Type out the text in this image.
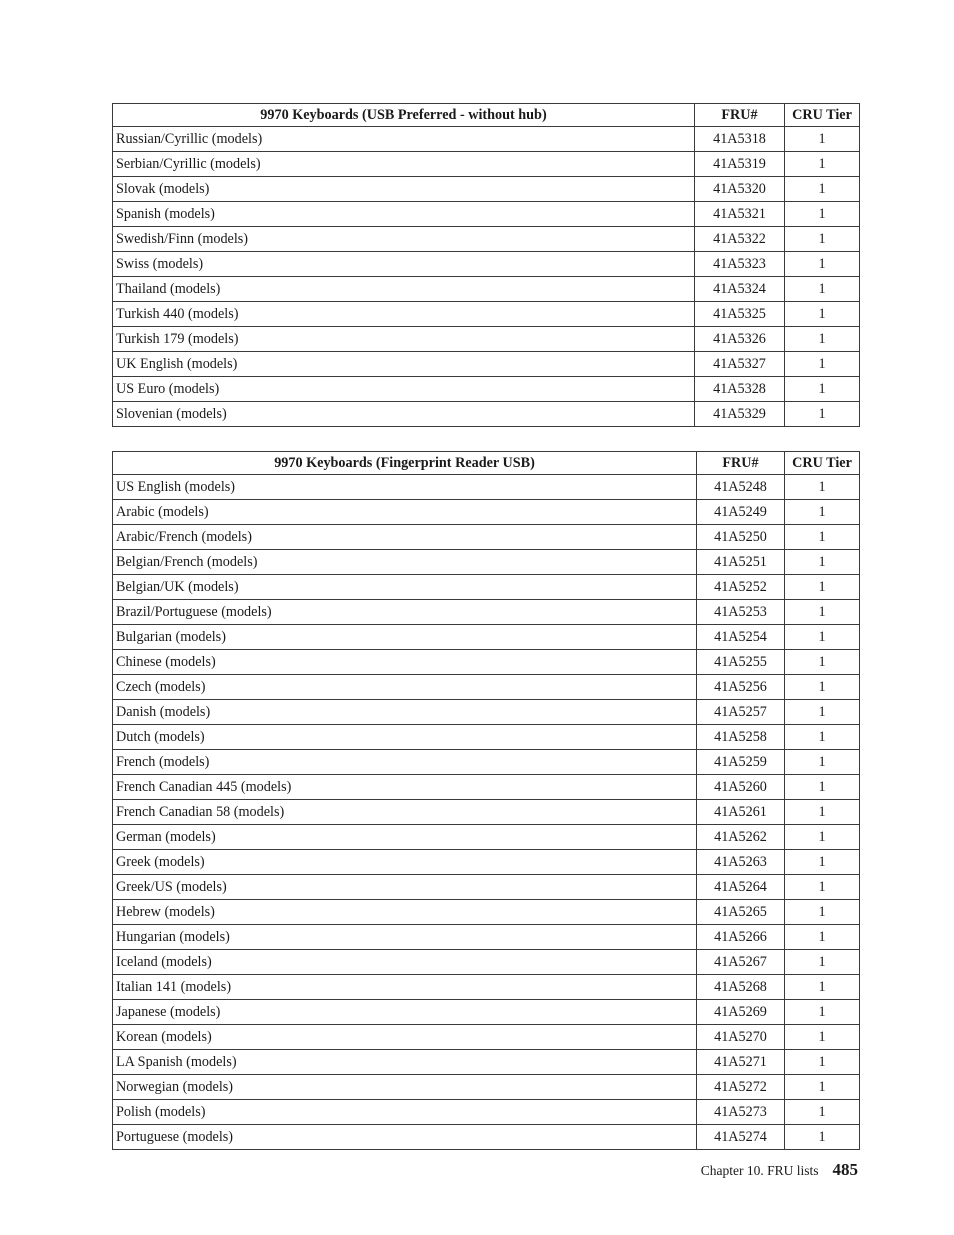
9970 Keyboards (USB Preferred - without hub)	FRU#	CRU Tier
Russian/Cyrillic (models)	41A5318	1
Serbian/Cyrillic (models)	41A5319	1
Slovak (models)	41A5320	1
Spanish (models)	41A5321	1
Swedish/Finn (models)	41A5322	1
Swiss (models)	41A5323	1
Thailand (models)	41A5324	1
Turkish 440 (models)	41A5325	1
Turkish 179 (models)	41A5326	1
UK English (models)	41A5327	1
US Euro (models)	41A5328	1
Slovenian (models)	41A5329	1
9970 Keyboards (Fingerprint Reader USB)	FRU#	CRU Tier
US English (models)	41A5248	1
Arabic (models)	41A5249	1
Arabic/French (models)	41A5250	1
Belgian/French (models)	41A5251	1
Belgian/UK (models)	41A5252	1
Brazil/Portuguese (models)	41A5253	1
Bulgarian (models)	41A5254	1
Chinese (models)	41A5255	1
Czech (models)	41A5256	1
Danish (models)	41A5257	1
Dutch (models)	41A5258	1
French (models)	41A5259	1
French Canadian 445 (models)	41A5260	1
French Canadian 58 (models)	41A5261	1
German (models)	41A5262	1
Greek (models)	41A5263	1
Greek/US (models)	41A5264	1
Hebrew (models)	41A5265	1
Hungarian (models)	41A5266	1
Iceland (models)	41A5267	1
Italian 141 (models)	41A5268	1
Japanese (models)	41A5269	1
Korean (models)	41A5270	1
LA Spanish (models)	41A5271	1
Norwegian (models)	41A5272	1
Polish (models)	41A5273	1
Portuguese (models)	41A5274	1
Chapter 10. FRU lists 485
